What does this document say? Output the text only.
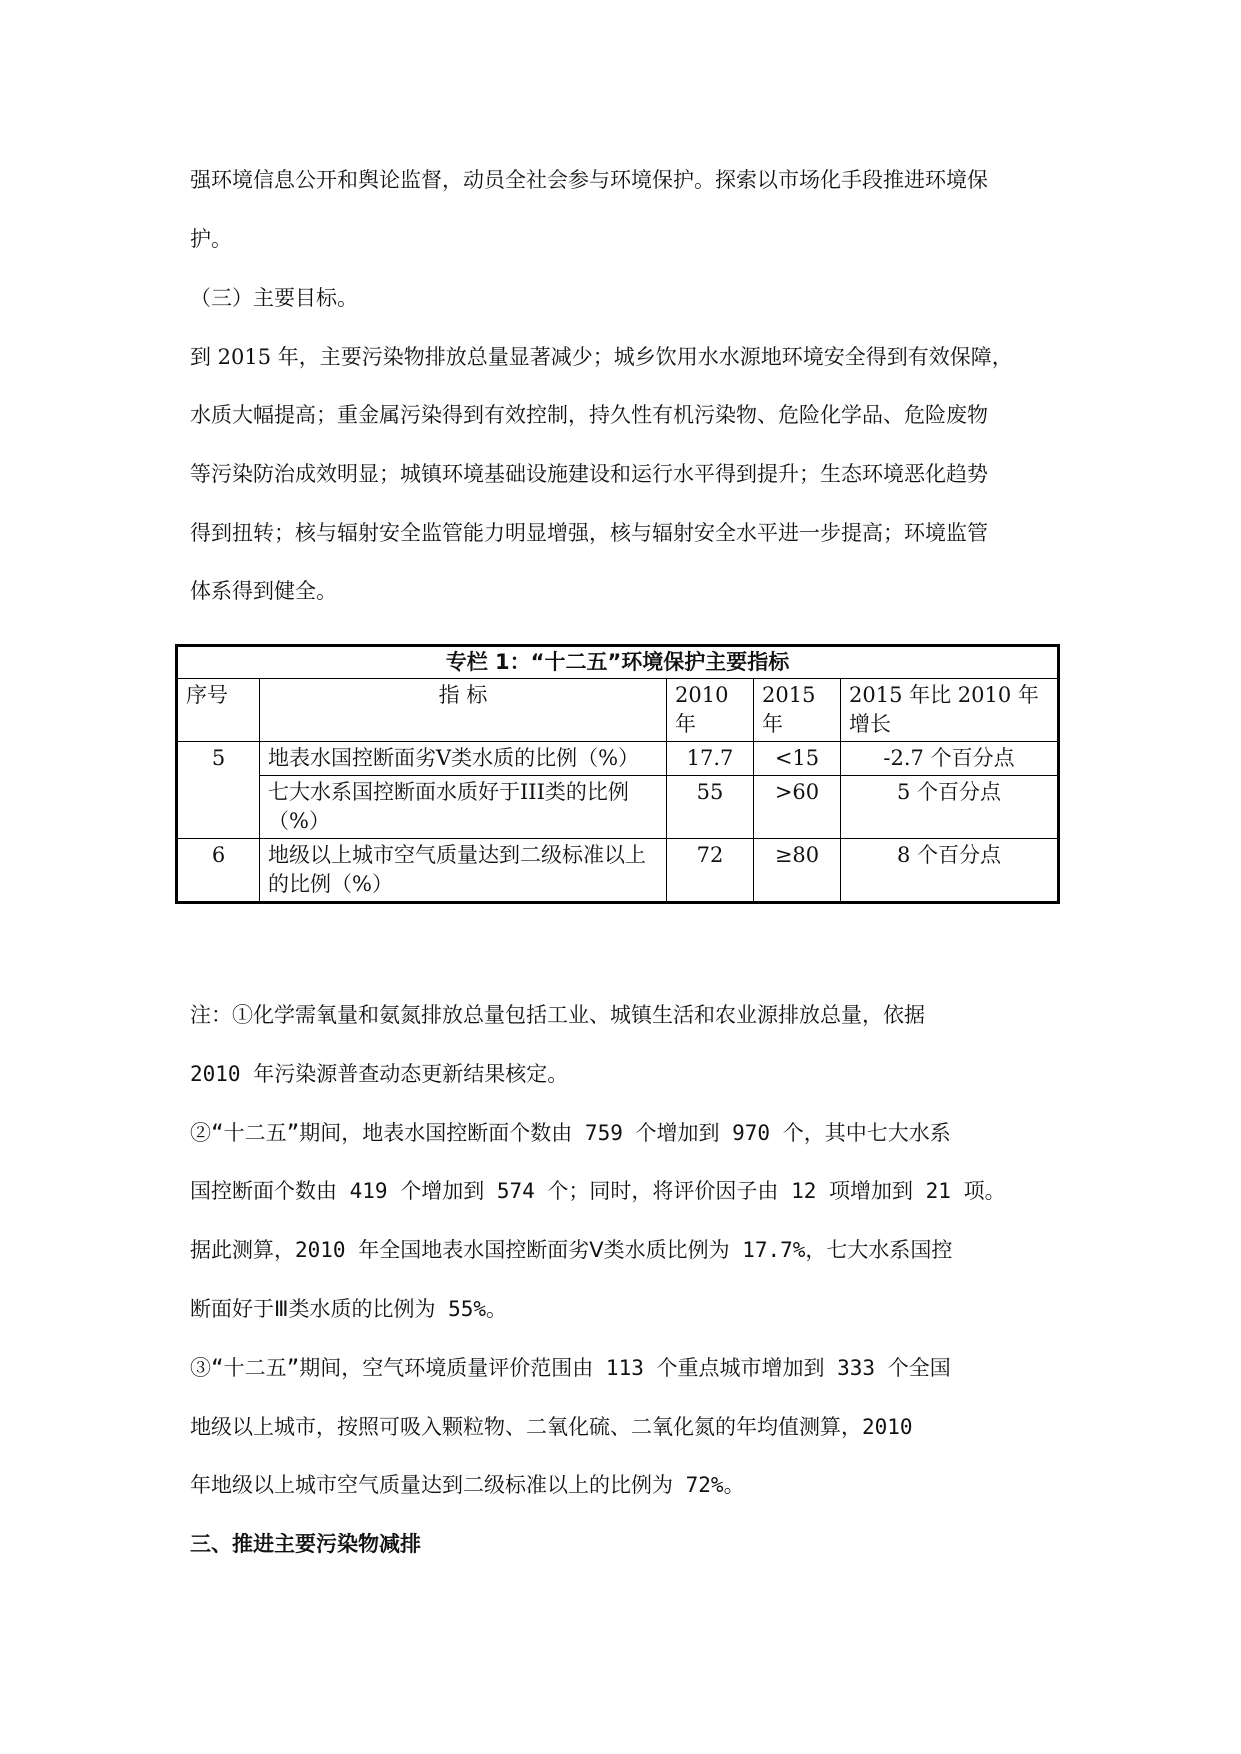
强环境信息公开和舆论监督，动员全社会参与环境保护。探索以市场化手段推进环境保
护。
（三）主要目标。
到 2015 年，主要污染物排放总量显著减少；城乡饮用水水源地环境安全得到有效保障，
水质大幅提高；重金属污染得到有效控制，持久性有机污染物、危险化学品、危险废物
等污染防治成效明显；城镇环境基础设施建设和运行水平得到提升；生态环境恶化趋势
得到扭转；核与辐射安全监管能力明显增强，核与辐射安全水平进一步提高；环境监管
体系得到健全。
专栏 1：“十二五”环境保护主要指标				
序号	指 标	2010 年	2015 年	2015 年比 2010 年增长
5	地表水国控断面劣Ⅴ类水质的比例（%）	17.7	<15	-2.7 个百分点
	七大水系国控断面水质好于III类的比例（%）	55	>60	5 个百分点
6	地级以上城市空气质量达到二级标准以上的比例（%）	72	≥80	8 个百分点
注：①化学需氧量和氨氮排放总量包括工业、城镇生活和农业源排放总量，依据
2010 年污染源普查动态更新结果核定。
②“十二五”期间，地表水国控断面个数由 759 个增加到 970 个，其中七大水系
国控断面个数由 419 个增加到 574 个；同时，将评价因子由 12 项增加到 21 项。
据此测算，2010 年全国地表水国控断面劣Ⅴ类水质比例为 17.7%，七大水系国控
断面好于Ⅲ类水质的比例为 55%。
③“十二五”期间，空气环境质量评价范围由 113 个重点城市增加到 333 个全国
地级以上城市，按照可吸入颗粒物、二氧化硫、二氧化氮的年均值测算，2010
年地级以上城市空气质量达到二级标准以上的比例为 72%。
三、推进主要污染物减排
